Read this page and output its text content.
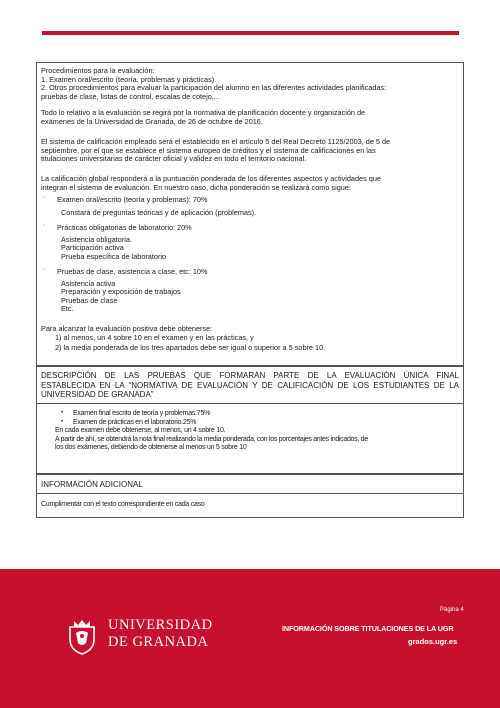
Procedimientos para la evaluación:

1. Examen oral/escrito (teoría, problemas y prácticas).

2. Otros procedimientos para evaluar la participación del alumno en las diferentes actividades planificadas:

pruebas de clase, listas de control, escalas de cotejo,...

Todo lo relativo a la evaluación se regirá por la normativa de planificación docente y organización de

exámenes de la Universidad de Granada, de 26 de octubre de 2016.

El sistema de calificación empleado será el establecido en el artículo 5 del Real Decreto 1125/2003, de 5 de

septiembre, por el que se establece el sistema europeo de créditos y el sistema de calificaciones en las

titulaciones universitarias de carácter oficial y validez en todo el territorio nacional.

La calificación global responderá a la puntuación ponderada de los diferentes aspectos y actividades que

integran el sistema de evaluación. En nuestro caso, dicha ponderación se realizará como sigue:

· Examen oral/escrito (teoría y problemas): 70%

Constará de preguntas teóricas y de aplicación (problemas).

· Prácticas obligatorias de laboratorio: 20%

Asistencia obligatoria.

Participación activa

Prueba específica de laboratorio

· Pruebas de clase, asistencia a clase, etc: 10%

Asistencia activa

Preparación y exposición de trabajos

Pruebas de clase

Etc.

Para alcanzar la evaluación positiva debe obtenerse:

1) al menos, un 4 sobre 10 en el examen y en las prácticas, y

2) la media ponderada de los tres apartados debe ser igual o superior a 5 sobre 10.

DESCRIPCIÓN DE LAS PRUEBAS QUE FORMARÁN PARTE DE LA EVALUACIÓN ÚNICA FINAL

ESTABLECIDA EN LA “NORMATIVA DE EVALUACIÓN Y DE CALIFICACIÓN DE LOS ESTUDIANTES DE LA

UNIVERSIDAD DE GRANADA”

• Examen final escrito de teoría y problemas.75%

• Examen de prácticas en el laboratorio.25%

En cada examen debe obtenerse, al menos, un 4 sobre 10.

A partir de ahí, se obtendrá la nota final realizando la media ponderada, con los porcentajes antes indicados, de

los dos exámenes, debiendo de obtenerse al menos un 5 sobre 10

INFORMACIÓN ADICIONAL

Cumplimentar con el texto correspondiente en cada caso

UNIVERSIDAD
DE GRANADA
Página 4
INFORMACIÓN SOBRE TITULACIONES DE LA UGR
grados.ugr.es
